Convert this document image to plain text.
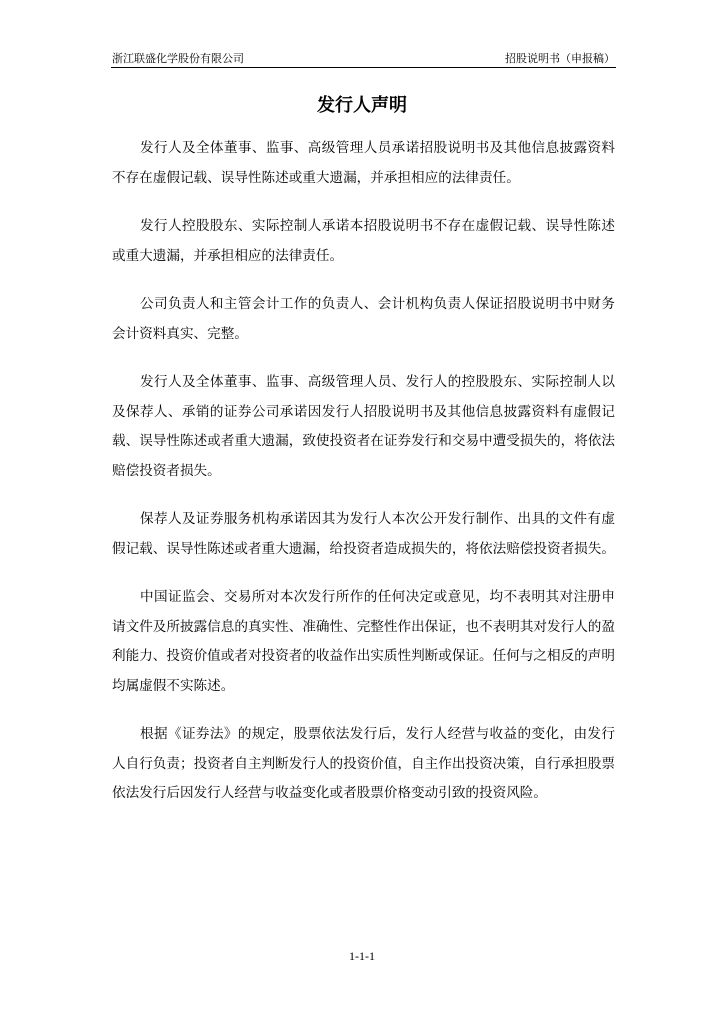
浙江联盛化学股份有限公司	招股说明书（申报稿）
发行人声明

发行人及全体董事、监事、高级管理人员承诺招股说明书及其他信息披露资料不存在虚假记载、误导性陈述或重大遗漏，并承担相应的法律责任。

发行人控股股东、实际控制人承诺本招股说明书不存在虚假记载、误导性陈述或重大遗漏，并承担相应的法律责任。

公司负责人和主管会计工作的负责人、会计机构负责人保证招股说明书中财务会计资料真实、完整。

发行人及全体董事、监事、高级管理人员、发行人的控股股东、实际控制人以及保荐人、承销的证券公司承诺因发行人招股说明书及其他信息披露资料有虚假记载、误导性陈述或者重大遗漏，致使投资者在证券发行和交易中遭受损失的，将依法赔偿投资者损失。

保荐人及证券服务机构承诺因其为发行人本次公开发行制作、出具的文件有虚假记载、误导性陈述或者重大遗漏，给投资者造成损失的，将依法赔偿投资者损失。

中国证监会、交易所对本次发行所作的任何决定或意见，均不表明其对注册申请文件及所披露信息的真实性、准确性、完整性作出保证，也不表明其对发行人的盈利能力、投资价值或者对投资者的收益作出实质性判断或保证。任何与之相反的声明均属虚假不实陈述。

根据《证券法》的规定，股票依法发行后，发行人经营与收益的变化，由发行人自行负责；投资者自主判断发行人的投资价值，自主作出投资决策，自行承担股票依法发行后因发行人经营与收益变化或者股票价格变动引致的投资风险。

1-1-1
